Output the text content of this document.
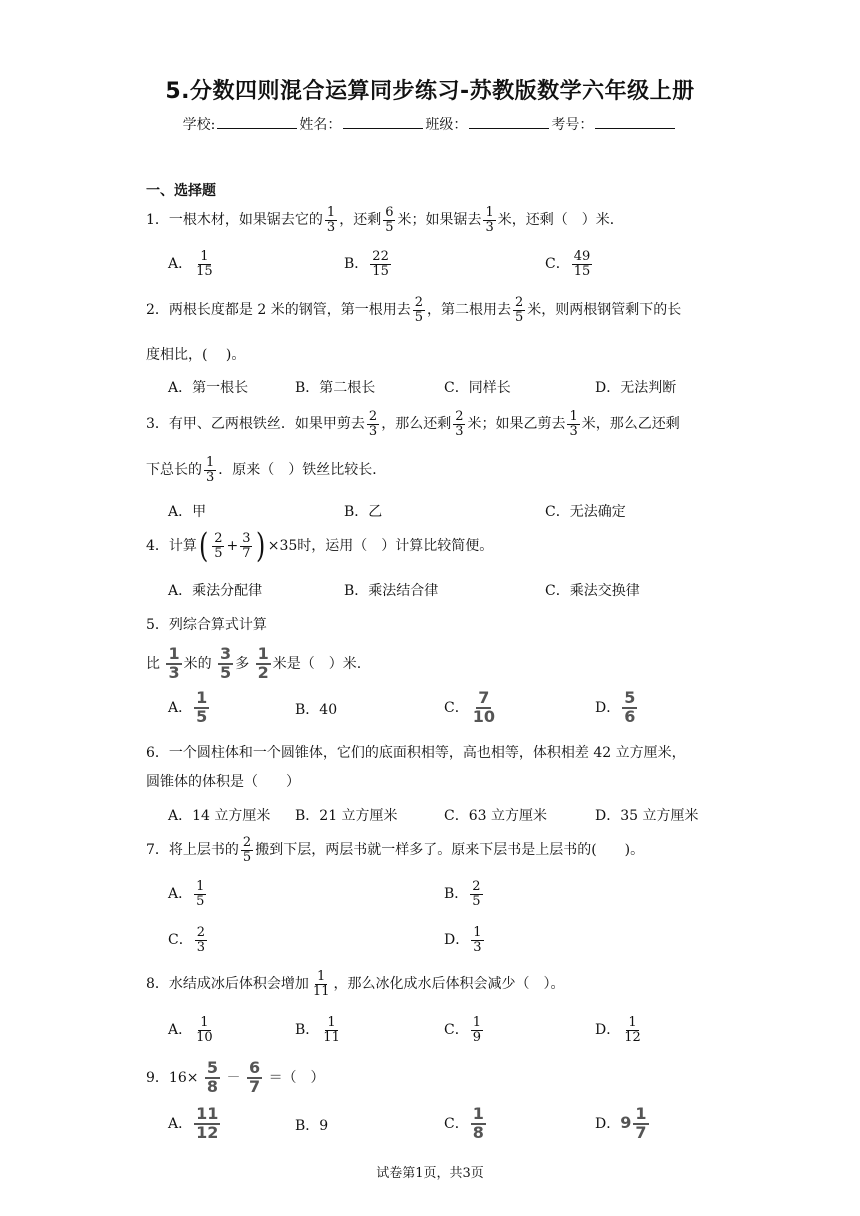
5.分数四则混合运算同步练习-苏教版数学六年级上册
学校:	姓名：	班级：	考号：
一、选择题
1．一根木材，如果锯去它的 $\frac{1}{3}$ ，还剩 $\frac{6}{5}$ 米；如果锯去 $\frac{1}{3}$ 米，还剩（　）米．
A． $\frac{1}{15}$	B． $\frac{22}{15}$	C． $\frac{49}{15}$
2．两根长度都是 2 米的钢管，第一根用去 $\frac{2}{5}$ ，第二根用去 $\frac{2}{5}$ 米，则两根钢管剩下的长
度相比，(　 )。
A．第一根长	B．第二根长	C．同样长	D．无法判断
3．有甲、乙两根铁丝．如果甲剪去 $\frac{2}{3}$ ，那么还剩 $\frac{2}{3}$ 米；如果乙剪去 $\frac{1}{3}$ 米，那么乙还剩
下总长的 $\frac{1}{3}$ ．原来（　）铁丝比较长．
A．甲	B．乙	C．无法确定
4．计算( $\frac{2}{5} + \frac{3}{7}$ ) ×35时，运用（　）计算比较简便。
A．乘法分配律	B．乘法结合律	C．乘法交换律
5．列综合算式计算
比 $\frac{1}{3}$ 米的 $\frac{3}{5}$ 多 $\frac{1}{2}$ 米是（　）米.
A． $\frac{1}{5}$	B．40	C． $\frac{7}{10}$	D． $\frac{5}{6}$
6．一个圆柱体和一个圆锥体，它们的底面积相等，高也相等，体积相差 42 立方厘米，
圆锥体的体积是（　　）
A．14 立方厘米 B．21 立方厘米	C．63 立方厘米	D．35 立方厘米
7．将上层书的 $\frac{2}{5}$ 搬到下层，两层书就一样多了。原来下层书是上层书的(　　)。
A． $\frac{1}{5}$	B． $\frac{2}{5}$
C． $\frac{2}{3}$	D． $\frac{1}{3}$
8．水结成冰后体积会增加 $\frac{1}{11}$ ，那么冰化成水后体积会减少（　）。
A． $\frac{1}{10}$	B． $\frac{1}{11}$	C． $\frac{1}{9}$	D． $\frac{1}{12}$
9．$16\times \frac{5}{8} - \frac{6}{7}$ ＝（　）
A． $\frac{11}{12}$	B．9	C． $\frac{1}{8}$	D．$9 \frac{1}{7}$
试卷第1页，共3页
